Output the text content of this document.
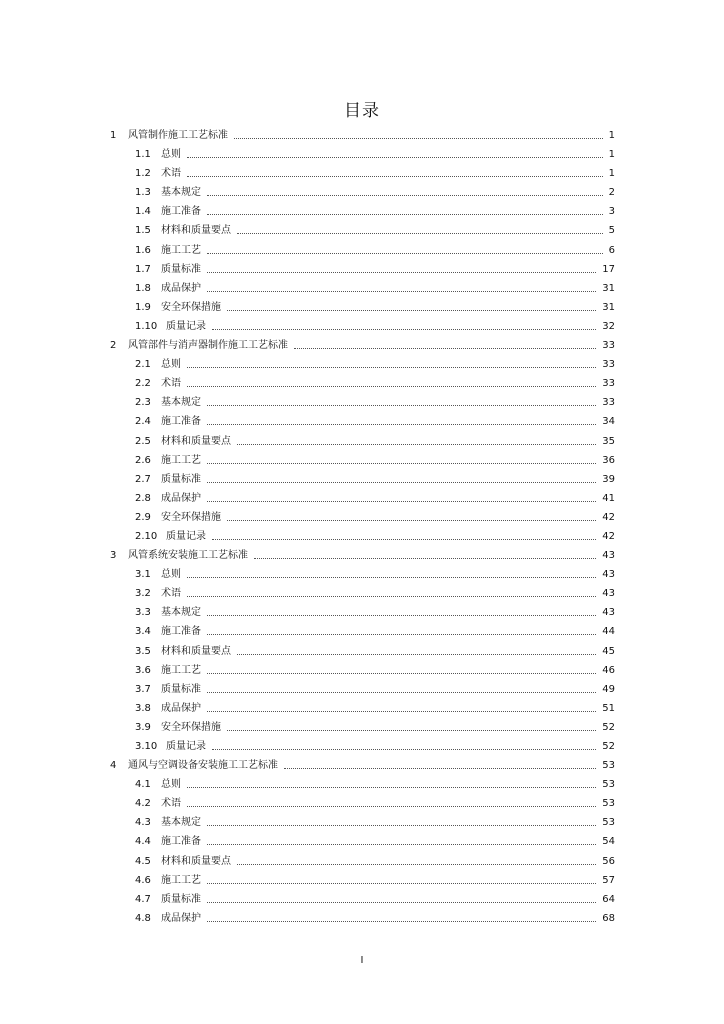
目录
1 风管制作施工工艺标准	1
1.1 总则	1
1.2 术语	1
1.3 基本规定	2
1.4 施工准备	3
1.5 材料和质量要点	5
1.6 施工工艺	6
1.7 质量标准	17
1.8 成品保护	31
1.9 安全环保措施	31
1.10 质量记录	32
2 风管部件与消声器制作施工工艺标准	33
2.1 总则	33
2.2 术语	33
2.3 基本规定	33
2.4 施工准备	34
2.5 材料和质量要点	35
2.6 施工工艺	36
2.7 质量标准	39
2.8 成品保护	41
2.9 安全环保措施	42
2.10 质量记录	42
3 风管系统安装施工工艺标准	43
3.1 总则	43
3.2 术语	43
3.3 基本规定	43
3.4 施工准备	44
3.5 材料和质量要点	45
3.6 施工工艺	46
3.7 质量标准	49
3.8 成品保护	51
3.9 安全环保措施	52
3.10 质量记录	52
4 通风与空调设备安装施工工艺标准	53
4.1 总则	53
4.2 术语	53
4.3 基本规定	53
4.4 施工准备	54
4.5 材料和质量要点	56
4.6 施工工艺	57
4.7 质量标准	64
4.8 成品保护	68
I
